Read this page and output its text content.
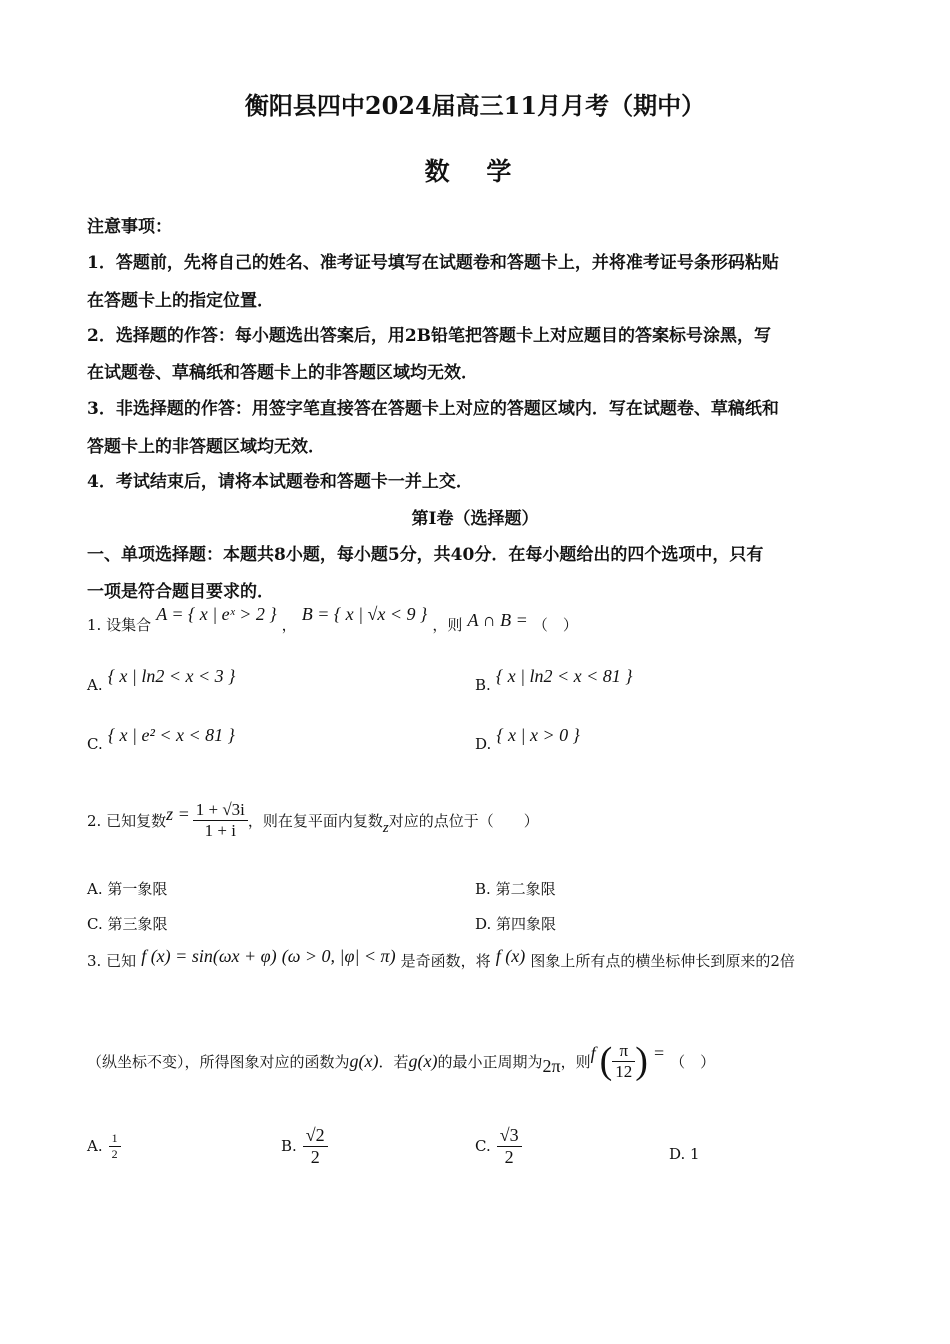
衡阳县四中2024届高三11月月考（期中）
数 学
注意事项：
1．答题前，先将自己的姓名、准考证号填写在试题卷和答题卡上，并将准考证号条形码粘贴
在答题卡上的指定位置．
2．选择题的作答：每小题选出答案后，用2B铅笔把答题卡上对应题目的答案标号涂黑，写
在试题卷、草稿纸和答题卡上的非答题区域均无效．
3．非选择题的作答：用签字笔直接答在答题卡上对应的答题区域内．写在试题卷、草稿纸和
答题卡上的非答题区域均无效．
4．考试结束后，请将本试题卷和答题卡一并上交．
第Ⅰ卷（选择题）
一、单项选择题：本题共8小题，每小题5分，共40分．在每小题给出的四个选项中，只有
一项是符合题目要求的．
1. 设集合 A = { x | eˣ > 2 } ， B = { x | √x < 9 } ，则 A ∩ B = （　）
A. { x | ln2 < x < 3 }	B. { x | ln2 < x < 81 }
C. { x | e² < x < 81 }	D. { x | x > 0 }
2. 已知复数 $z = \frac{1 + √3i}{1 + i}$ ，则在复平面内复数 z 对应的点位于（　　）
A. 第一象限	B. 第二象限
C. 第三象限	D. 第四象限
3. 已知 f (x) = sin(ωx + φ) (ω > 0, |φ| < π) 是奇函数，将 f (x) 图象上所有点的横坐标伸长到原来的2倍
（纵坐标不变），所得图象对应的函数为 g(x) ．若 g(x) 的最小正周期为 2π ，则 f ( $\frac{\pi}{12}$ ) = （　）
A. $\frac{1}{2}$	B. $\frac{√2}{2}$	C. $\frac{√3}{2}$	D. 1
